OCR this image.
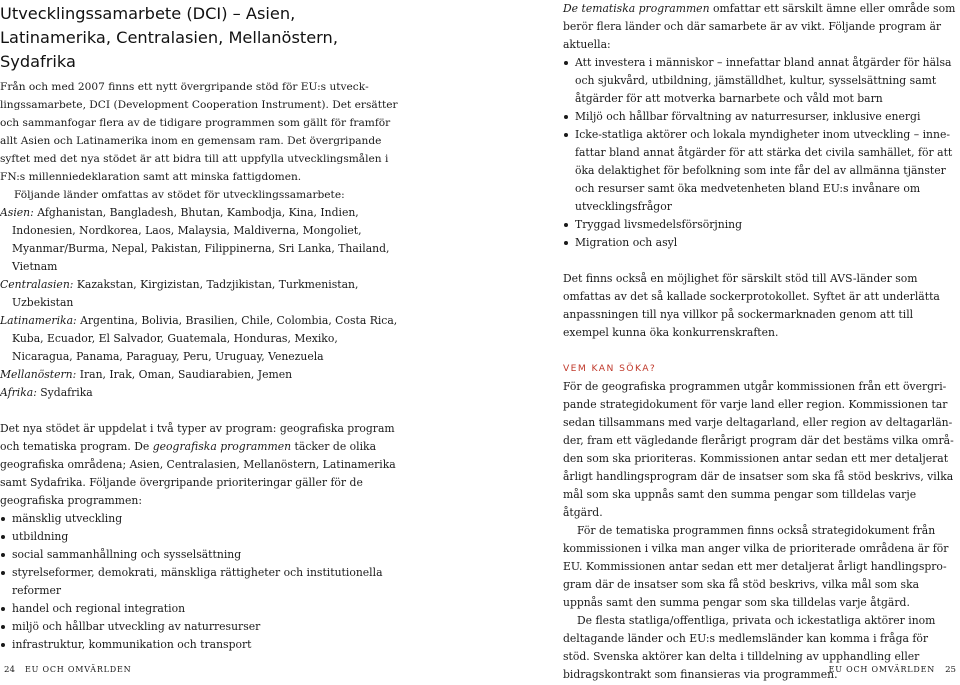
Utvecklingssamarbete (DCI) – Asien, Latinamerika, Centralasien, Mellanöstern, Sydafrika

Från och med 2007 finns ett nytt övergripande stöd för EU:s utvecklingssamarbete, DCI (Development Cooperation Instrument). Det ersätter och sammanfogar flera av de tidigare programmen som gällt för framför allt Asien och Latinamerika inom en gemensam ram. Det övergripande syftet med det nya stödet är att bidra till att uppfylla utvecklingsmålen i FN:s millenniedeklaration samt att minska fattigdomen.

Följande länder omfattas av stödet för utvecklingssamarbete:

Asien: Afghanistan, Bangladesh, Bhutan, Kambodja, Kina, Indien, Indonesien, Nordkorea, Laos, Malaysia, Maldiverna, Mongoliet, Myanmar/Burma, Nepal, Pakistan, Filippinerna, Sri Lanka, Thailand, Vietnam
Centralasien: Kazakstan, Kirgizistan, Tadzjikistan, Turkmenistan, Uzbekistan
Latinamerika: Argentina, Bolivia, Brasilien, Chile, Colombia, Costa Rica, Kuba, Ecuador, El Salvador, Guatemala, Honduras, Mexiko, Nicaragua, Panama, Paraguay, Peru, Uruguay, Venezuela
Mellanöstern: Iran, Irak, Oman, Saudiarabien, Jemen
Afrika: Sydafrika

Det nya stödet är uppdelat i två typer av program: geografiska program och tematiska program. De geografiska programmen täcker de olika geografiska områdena; Asien, Centralasien, Mellanöstern, Latinamerika samt Sydafrika. Följande övergripande prioriteringar gäller för de geografiska programmen:

mänsklig utveckling
utbildning
social sammanhållning och sysselsättning
styrelseformer, demokrati, mänskliga rättigheter och institutionella reformer
handel och regional integration
miljö och hållbar utveckling av naturresurser
infrastruktur, kommunikation och transport

De tematiska programmen omfattar ett särskilt ämne eller område som berör flera länder och där samarbete är av vikt. Följande program är aktuella:

Att investera i människor – innefattar bland annat åtgärder för hälsa och sjukvård, utbildning, jämställdhet, kultur, sysselsättning samt åtgärder för att motverka barnarbete och våld mot barn
Miljö och hållbar förvaltning av naturresurser, inklusive energi
Icke-statliga aktörer och lokala myndigheter inom utveckling – innefattar bland annat åtgärder för att stärka det civila samhället, för att öka delaktighet för befolkning som inte får del av allmänna tjänster och resurser samt öka medvetenheten bland EU:s invånare om utvecklingsfrågor
Tryggad livsmedelsförsörjning
Migration och asyl

Det finns också en möjlighet för särskilt stöd till AVS-länder som omfattas av det så kallade sockerprotokollet. Syftet är att underlätta anpassningen till nya villkor på sockermarknaden genom att till exempel kunna öka konkurrenskraften.

VEM KAN SÖKA?

För de geografiska programmen utgår kommissionen från ett övergripande strategidokument för varje land eller region. Kommissionen tar sedan tillsammans med varje deltagarland, eller region av deltagarländer, fram ett vägledande flerårigt program där det bestäms vilka områden som ska prioriteras. Kommissionen antar sedan ett mer detaljerat årligt handlingsprogram där de insatser som ska få stöd beskrivs, vilka mål som ska uppnås samt den summa pengar som tilldelas varje åtgärd.

För de tematiska programmen finns också strategidokument från kommissionen i vilka man anger vilka de prioriterade områdena är för EU. Kommissionen antar sedan ett mer detaljerat årligt handlingsprogram där de insatser som ska få stöd beskrivs, vilka mål som ska uppnås samt den summa pengar som ska tilldelas varje åtgärd.

De flesta statliga/offentliga, privata och ickestatliga aktörer inom deltagande länder och EU:s medlemsländer kan komma i fråga för stöd. Svenska aktörer kan delta i tilldelning av upphandling eller bidragskontrakt som finansieras via programmen.

24 EU OCH OMVÄRLDEN	EU OCH OMVÄRLDEN 25
